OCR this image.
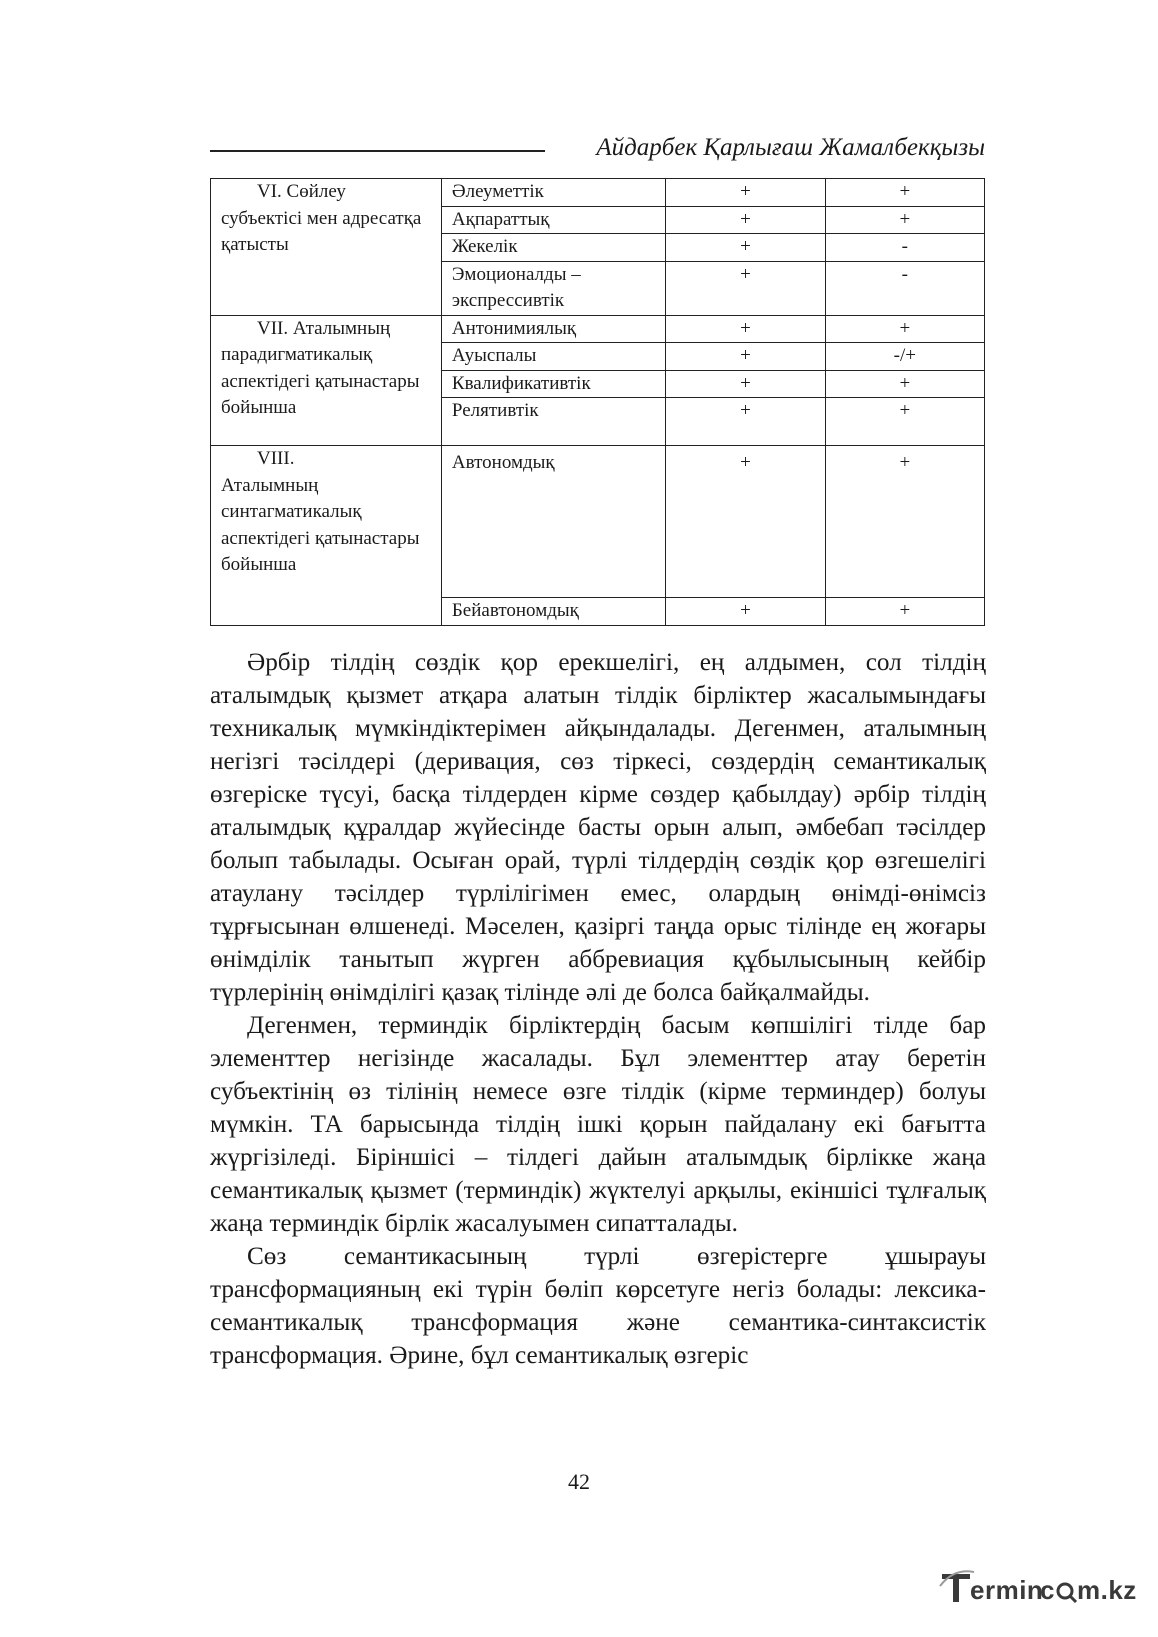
Айдарбек Қарлығаш Жамалбекқызы
VI. Сөйлеу
субъектісі мен адресатқа қатысты	Әлеуметтік	+	+
	Ақпараттық	+	+
	Жекелік	+	-
	Эмоционалды – экспрессивтік	+	-

VII. Аталымның
парадигматикалық аспектідегі қатынастары бойынша	Антонимиялық	+	+
	Ауыспалы	+	-/+
	Квалификативтік	+	+
	Релятивтік	+	+

VIII.
Аталымның синтагматикалық аспектідегі қатынастары бойынша	Автономдық	+	+
	Бейавтономдық	+	+

Әрбір тілдің сөздік қор ерекшелігі, ең алдымен, сол тілдің аталымдық қызмет атқара алатын тілдік бірліктер жасалымындағы техникалық мүмкіндіктерімен айқындалады. Дегенмен, аталымның негізгі тәсілдері (деривация, сөз тіркесі, сөздердің семантикалық өзгеріске түсуі, басқа тілдерден кірме сөздер қабылдау) әрбір тілдің аталымдық құралдар жүйесінде басты орын алып, әмбебап тәсілдер болып табылады. Осыған орай, түрлі тілдердің сөздік қор өзгешелігі атаулану тәсілдер түрлілігімен емес, олардың өнімді-өнімсіз тұрғысынан өлшенеді. Мәселен, қазіргі таңда орыс тілінде ең жоғары өнімділік танытып жүрген аббревиация құбылысының кейбір түрлерінің өнімділігі қазақ тілінде әлі де болса байқалмайды.

Дегенмен, терминдік бірліктердің басым көпшілігі тілде бар элементтер негізінде жасалады. Бұл элементтер атау беретін субъектінің өз тілінің немесе өзге тілдік (кірме терминдер) болуы мүмкін. ТА барысында тілдің ішкі қорын пайдалану екі бағытта жүргізіледі. Біріншісі – тілдегі дайын аталымдық бірлікке жаңа семантикалық қызмет (терминдік) жүктелуі арқылы, екіншісі тұлғалық жаңа терминдік бірлік жасалуымен сипатталады.

Сөз семантикасының түрлі өзгерістерге ұшырауы трансформацияның екі түрін бөліп көрсетуге негіз болады: лексика-семантикалық трансформация және семантика-синтаксистік трансформация. Әрине, бұл семантикалық өзгеріс

42
ermin
c m.kz
